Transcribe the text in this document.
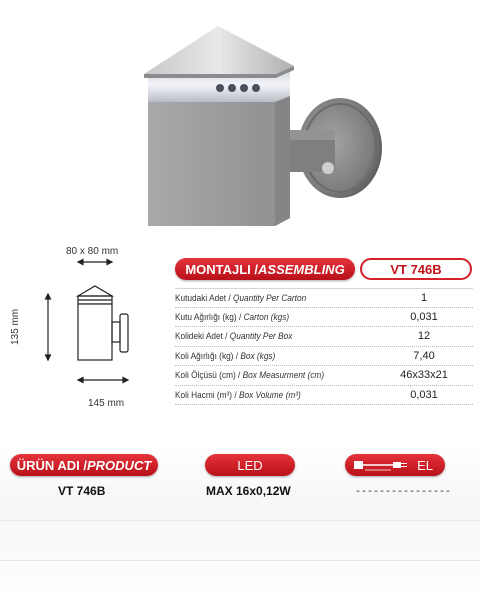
80 x 80 mm
135 mm
145 mm
MONTAJLI / ASSEMBLING	VT 746B
Kutudaki Adet / Quantity Per Carton	1
Kutu Ağırlığı (kg) / Carton (kgs)	0,031
Kolideki Adet / Quantity Per Box	12
Koli Ağırlığı (kg) / Box (kgs)	7,40
Koli Ölçüsü (cm) / Box Measurment (cm)	46x33x21
Koli Hacmi (m³) / Box Volume (m³)	0,031
ÜRÜN ADI / PRODUCT	LED	EL
VT 746B	MAX 16x0,12W	----------------
